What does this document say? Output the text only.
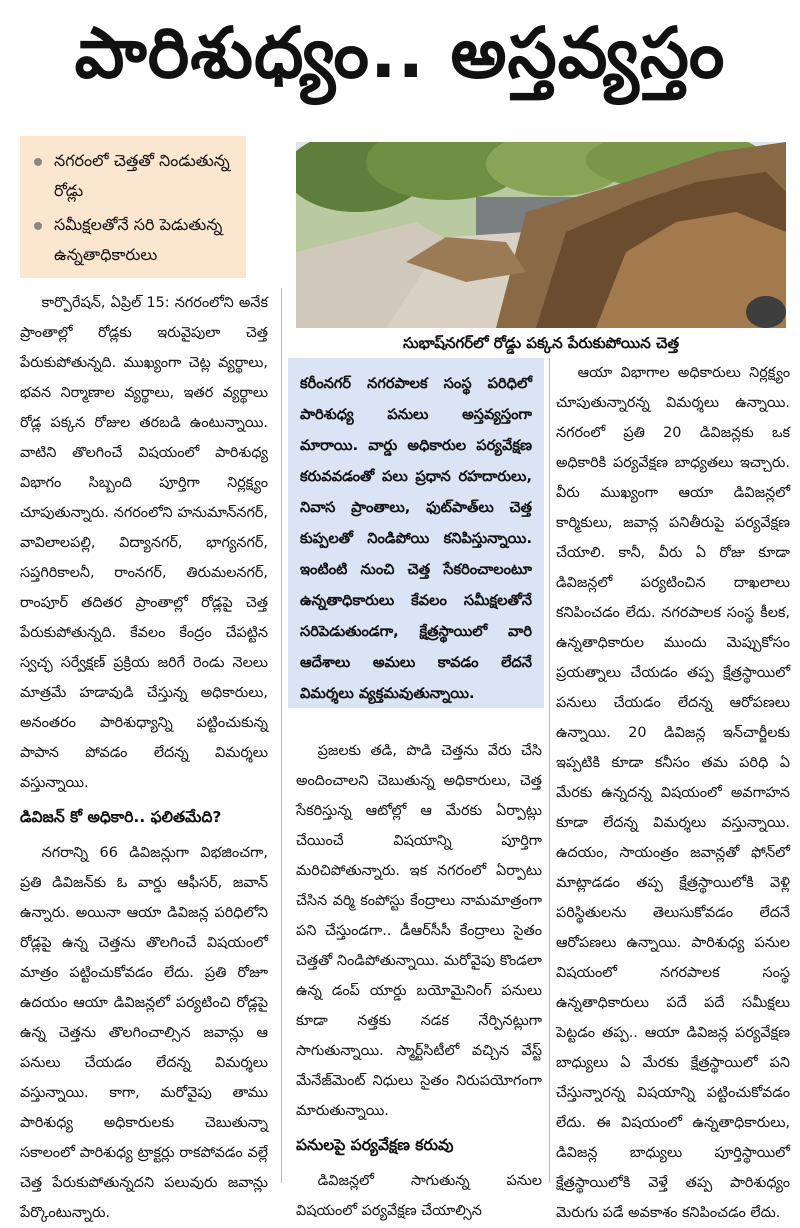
పారిశుధ్యం.. అస్తవ్యస్తం
నగరంలో చెత్తతో నిండుతున్న రోడ్లు
సమీక్షలతోనే సరి పెడుతున్న ఉన్నతాధికారులు
సుభాష్‌నగర్‌లో రోడ్డు పక్కన పేరుకుపోయిన చెత్త

కార్పొరేషన్, ఏప్రిల్ 15: నగరంలోని అనేక ప్రాంతాల్లో రోడ్లకు ఇరువైపులా చెత్త పేరుకుపోతున్నది. ముఖ్యంగా చెట్ల వ్యర్థాలు, భవన నిర్మాణాల వ్యర్థాలు, ఇతర వ్యర్థాలు రోడ్ల పక్కన రోజుల తరబడి ఉంటున్నాయి. వాటిని తొలగించే విషయంలో పారిశుధ్య విభాగం సిబ్బంది పూర్తిగా నిర్లక్ష్యం చూపుతున్నారు. నగరంలోని హనుమాన్‌నగర్, వావిలాలపల్లి, విద్యానగర్, భాగ్యనగర్, సప్తగిరికాలనీ, రాంనగర్, తిరుమలనగర్, రాంపూర్ తదితర ప్రాంతాల్లో రోడ్లపై చెత్త పేరుకుపోతున్నది. కేవలం కేంద్రం చేపట్టిన స్వచ్ఛ సర్వేక్షణ్ ప్రక్రియ జరిగే రెండు నెలలు మాత్రమే హడావుడి చేస్తున్న అధికారులు, అనంతరం పారిశుధ్యాన్ని పట్టించుకున్న పాపాన పోవడం లేదన్న విమర్శలు వస్తున్నాయి.

డివిజన్ కో అధికారి.. ఫలితమేది?

నగరాన్ని 66 డివిజన్లుగా విభజించగా, ప్రతి డివిజన్‌కు ఓ వార్డు ఆఫీసర్, జవాన్ ఉన్నారు. అయినా ఆయా డివిజన్ల పరిధిలోని రోడ్లపై ఉన్న చెత్తను తొలగించే విషయంలో మాత్రం పట్టించుకోవడం లేదు. ప్రతి రోజూ ఉదయం ఆయా డివిజన్లలో పర్యటించి రోడ్లపై ఉన్న చెత్తను తొలగించాల్సిన జవాన్లు ఆ పనులు చేయడం లేదన్న విమర్శలు వస్తున్నాయి. కాగా, మరోవైపు తాము పారిశుధ్య అధికారులకు చెబుతున్నా సకాలంలో పారిశుధ్య ట్రాక్టర్లు రాకపోవడం వల్లే చెత్త పేరుకుపోతున్నదని పలువురు జవాన్లు పేర్కొంటున్నారు.

కరీంనగర్ నగరపాలక సంస్థ పరిధిలో పారిశుధ్య పనులు అస్తవ్యస్తంగా మారాయి. వార్డు అధికారుల పర్యవేక్షణ కరువవడంతో పలు ప్రధాన రహదారులు, నివాస ప్రాంతాలు, ఫుట్‌పాత్‌లు చెత్త కుప్పలతో నిండిపోయి కనిపిస్తున్నాయి. ఇంటింటి నుంచి చెత్త సేకరించాలంటూ ఉన్నతాధికారులు కేవలం సమీక్షలతోనే సరిపెడుతుండగా, క్షేత్రస్థాయిలో వారి ఆదేశాలు అమలు కావడం లేదనే విమర్శలు వ్యక్తమవుతున్నాయి.

ప్రజలకు తడి, పొడి చెత్తను వేరు చేసి అందించాలని చెబుతున్న అధికారులు, చెత్త సేకరిస్తున్న ఆటోల్లో ఆ మేరకు ఏర్పాట్లు చేయించే విషయాన్ని పూర్తిగా మరిచిపోతున్నారు. ఇక నగరంలో ఏర్పాటు చేసిన వర్మి కంపోస్టు కేంద్రాలు నామమాత్రంగా పని చేస్తుండగా.. డీఆర్‌సీసీ కేంద్రాలు సైతం చెత్తతో నిండిపోతున్నాయి. మరోవైపు కొండలా ఉన్న డంప్ యార్డు బయోమైనింగ్ పనులు కూడా నత్తకు నడక నేర్పినట్లుగా సాగుతున్నాయి. స్మార్ట్‌సిటీలో వచ్చిన వేస్ట్ మేనేజ్‌మెంట్ నిధులు సైతం నిరుపయోగంగా మారుతున్నాయి.

పనులపై పర్యవేక్షణ కరువు

డివిజన్లలో సాగుతున్న పనుల విషయంలో పర్యవేక్షణ చేయాల్సిన

ఆయా విభాగాల అధికారులు నిర్లక్ష్యం చూపుతున్నారన్న విమర్శలు ఉన్నాయి. నగరంలో ప్రతి 20 డివిజన్లకు ఒక అధికారికి పర్యవేక్షణ బాధ్యతలు ఇచ్చారు. వీరు ముఖ్యంగా ఆయా డివిజన్లలో కార్మికులు, జవాన్ల పనితీరుపై పర్యవేక్షణ చేయాలి. కానీ, వీరు ఏ రోజు కూడా డివిజన్లలో పర్యటించిన దాఖలాలు కనిపించడం లేదు. నగరపాలక సంస్థ కీలక, ఉన్నతాధికారుల ముందు మెప్పుకోసం ప్రయత్నాలు చేయడం తప్ప క్షేత్రస్థాయిలో పనులు చేయడం లేదన్న ఆరోపణలు ఉన్నాయి. 20 డివిజన్ల ఇన్‌చార్జీలకు ఇప్పటికి కూడా కనీసం తమ పరిధి ఏ మేరకు ఉన్నదన్న విషయంలో అవగాహన కూడా లేదన్న విమర్శలు వస్తున్నాయి. ఉదయం, సాయంత్రం జవాన్లతో ఫోన్‌లో మాట్లాడడం తప్ప క్షేత్రస్థాయిలోకి వెళ్లి పరిస్థితులను తెలుసుకోవడం లేదనే ఆరోపణలు ఉన్నాయి. పారిశుధ్య పనుల విషయంలో నగరపాలక సంస్థ ఉన్నతాధికారులు పదే పదే సమీక్షలు పెట్టడం తప్ప.. ఆయా డివిజన్ల పర్యవేక్షణ బాధ్యులు ఏ మేరకు క్షేత్రస్థాయిలో పని చేస్తున్నారన్న విషయాన్ని పట్టించుకోవడం లేదు. ఈ విషయంలో ఉన్నతాధికారులు, డివిజన్ల బాధ్యులు పూర్తిస్థాయిలో క్షేత్రస్థాయిలోకి వెళ్తే తప్ప పారిశుధ్యం మెరుగు పడే అవకాశం కనిపించడం లేదు.
